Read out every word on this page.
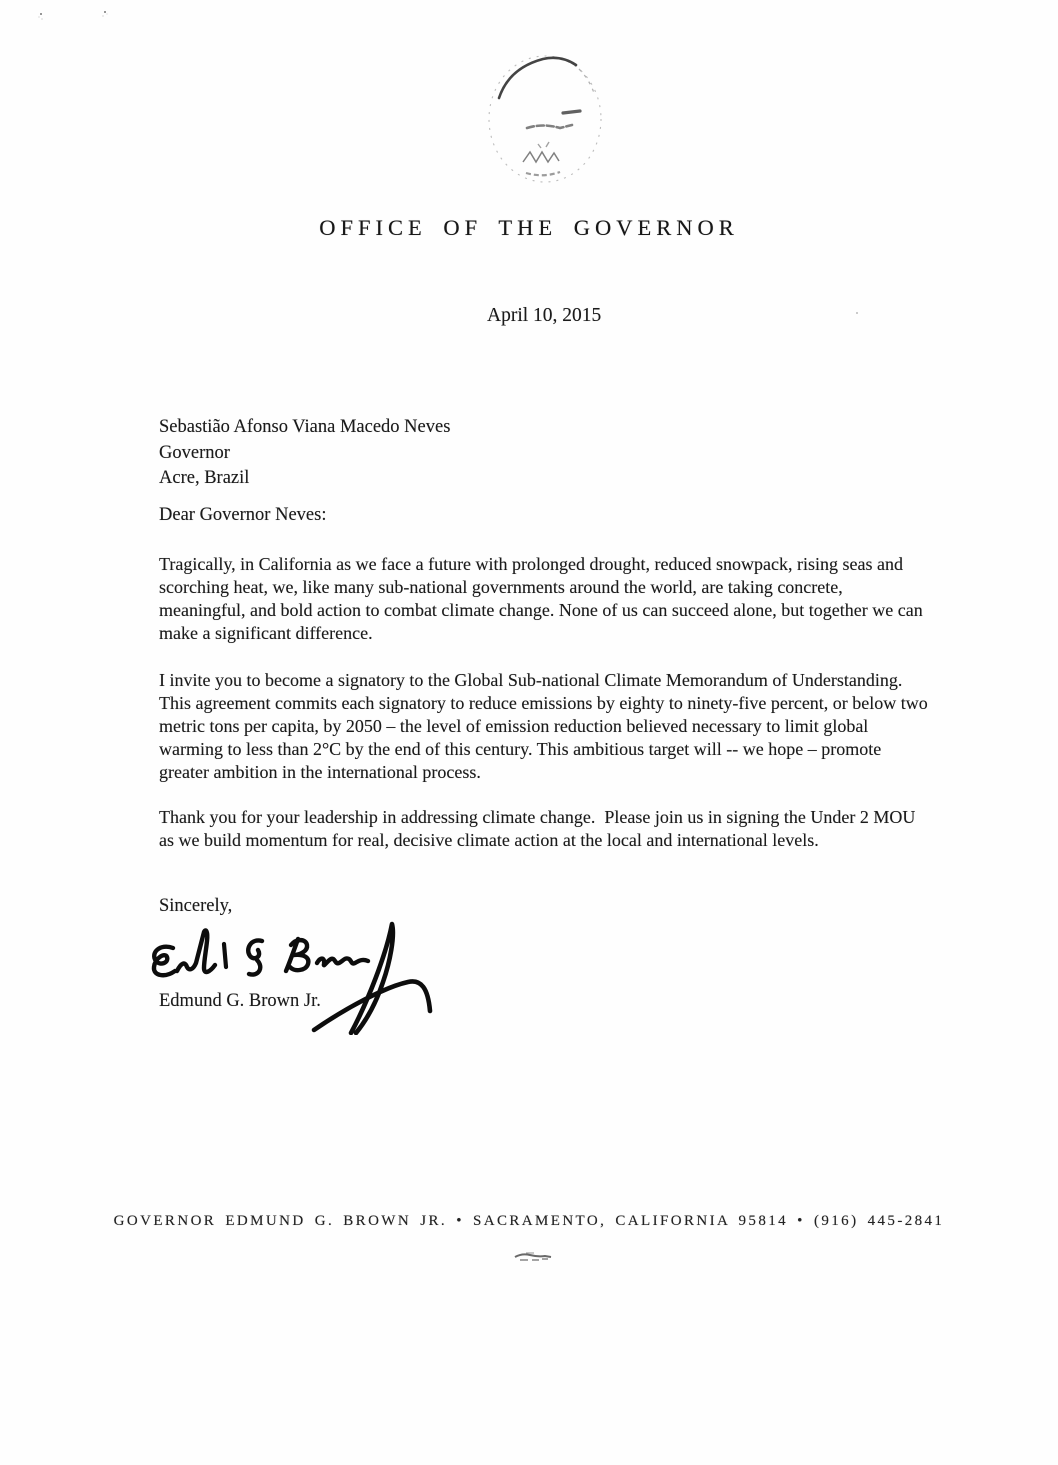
OFFICE OF THE GOVERNOR
April 10, 2015
Sebastião Afonso Viana Macedo Neves
Governor
Acre, Brazil
Dear Governor Neves:

Tragically, in California as we face a future with prolonged drought, reduced snowpack, rising seas and scorching heat, we, like many sub-national governments around the world, are taking concrete, meaningful, and bold action to combat climate change. None of us can succeed alone, but together we can make a significant difference.

I invite you to become a signatory to the Global Sub-national Climate Memorandum of Understanding. This agreement commits each signatory to reduce emissions by eighty to ninety-five percent, or below two metric tons per capita, by 2050 – the level of emission reduction believed necessary to limit global warming to less than 2°C by the end of this century. This ambitious target will -- we hope – promote greater ambition in the international process.

Thank you for your leadership in addressing climate change.  Please join us in signing the Under 2 MOU as we build momentum for real, decisive climate action at the local and international levels.

Sincerely,
Edmund G. Brown Jr.
GOVERNOR EDMUND G. BROWN JR. • SACRAMENTO, CALIFORNIA 95814 • (916) 445-2841
